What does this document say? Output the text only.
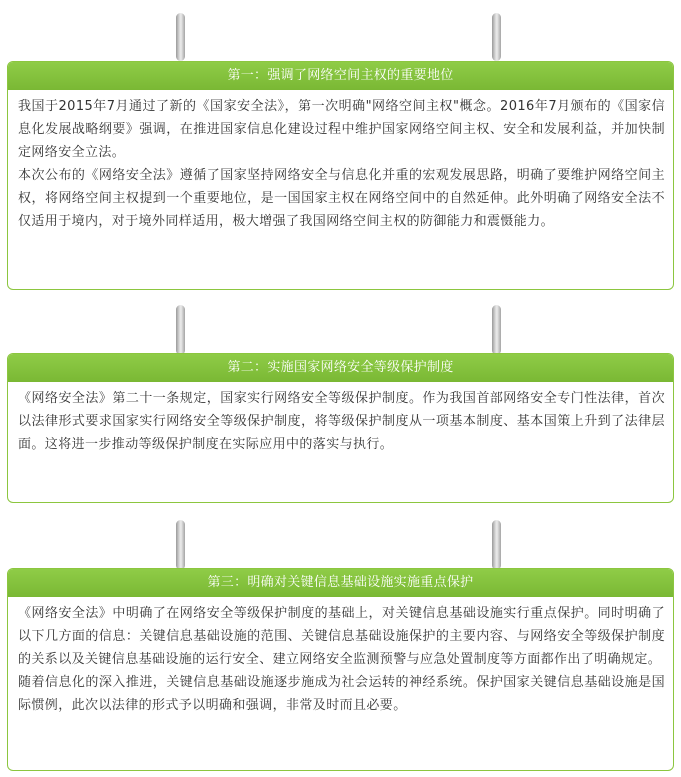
第一：强调了网络空间主权的重要地位

我国于2015年7月通过了新的《国家安全法》，第一次明确"网络空间主权"概念。2016年7月颁布的《国家信息化发展战略纲要》强调，在推进国家信息化建设过程中维护国家网络空间主权、安全和发展利益，并加快制定网络安全立法。

本次公布的《网络安全法》遵循了国家坚持网络安全与信息化并重的宏观发展思路，明确了要维护网络空间主权，将网络空间主权提到一个重要地位，是一国国家主权在网络空间中的自然延伸。此外明确了网络安全法不仅适用于境内，对于境外同样适用，极大增强了我国网络空间主权的防御能力和震慑能力。

第二：实施国家网络安全等级保护制度

《网络安全法》第二十一条规定，国家实行网络安全等级保护制度。作为我国首部网络安全专门性法律，首次以法律形式要求国家实行网络安全等级保护制度，将等级保护制度从一项基本制度、基本国策上升到了法律层面。这将进一步推动等级保护制度在实际应用中的落实与执行。

第三：明确对关键信息基础设施实施重点保护

《网络安全法》中明确了在网络安全等级保护制度的基础上，对关键信息基础设施实行重点保护。同时明确了以下几方面的信息：关键信息基础设施的范围、关键信息基础设施保护的主要内容、与网络安全等级保护制度的关系以及关键信息基础设施的运行安全、建立网络安全监测预警与应急处置制度等方面都作出了明确规定。

随着信息化的深入推进，关键信息基础设施逐步施成为社会运转的神经系统。保护国家关键信息基础设施是国际惯例，此次以法律的形式予以明确和强调，非常及时而且必要。
